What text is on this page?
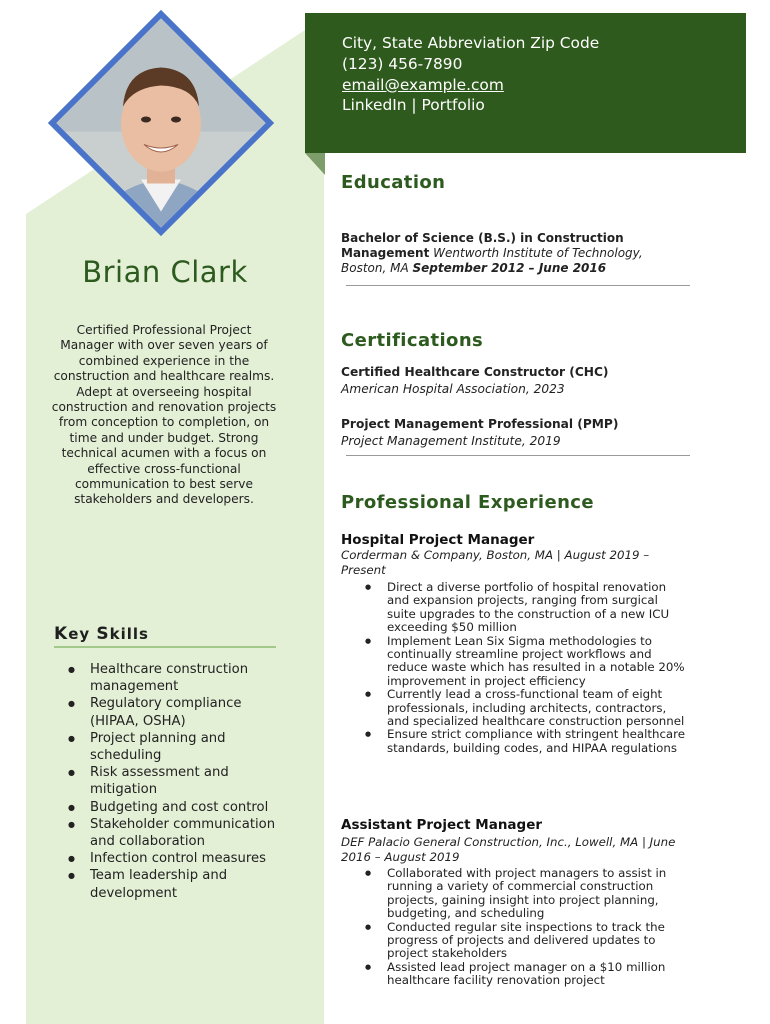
Brian Clark
Certified Professional Project Manager with over seven years of combined experience in the construction and healthcare realms. Adept at overseeing hospital construction and renovation projects from conception to completion, on time and under budget. Strong technical acumen with a focus on effective cross-functional communication to best serve stakeholders and developers.
Key Skills
● Healthcare construction management
● Regulatory compliance (HIPAA, OSHA)
● Project planning and scheduling
● Risk assessment and mitigation
● Budgeting and cost control
● Stakeholder communication and collaboration
● Infection control measures
● Team leadership and development
City, State Abbreviation Zip Code
(123) 456-7890
email@example.com
LinkedIn | Portfolio
Education
Bachelor of Science (B.S.) in Construction Management Wentworth Institute of Technology, Boston, MA September 2012 – June 2016
Certifications
Certified Healthcare Constructor (CHC)
American Hospital Association, 2023
Project Management Professional (PMP)
Project Management Institute, 2019
Professional Experience
Hospital Project Manager
Corderman & Company, Boston, MA | August 2019 – Present
● Direct a diverse portfolio of hospital renovation and expansion projects, ranging from surgical suite upgrades to the construction of a new ICU exceeding $50 million
● Implement Lean Six Sigma methodologies to continually streamline project workflows and reduce waste which has resulted in a notable 20% improvement in project efficiency
● Currently lead a cross-functional team of eight professionals, including architects, contractors, and specialized healthcare construction personnel
● Ensure strict compliance with stringent healthcare standards, building codes, and HIPAA regulations
Assistant Project Manager
DEF Palacio General Construction, Inc., Lowell, MA | June 2016 – August 2019
● Collaborated with project managers to assist in running a variety of commercial construction projects, gaining insight into project planning, budgeting, and scheduling
● Conducted regular site inspections to track the progress of projects and delivered updates to project stakeholders
● Assisted lead project manager on a $10 million healthcare facility renovation project
